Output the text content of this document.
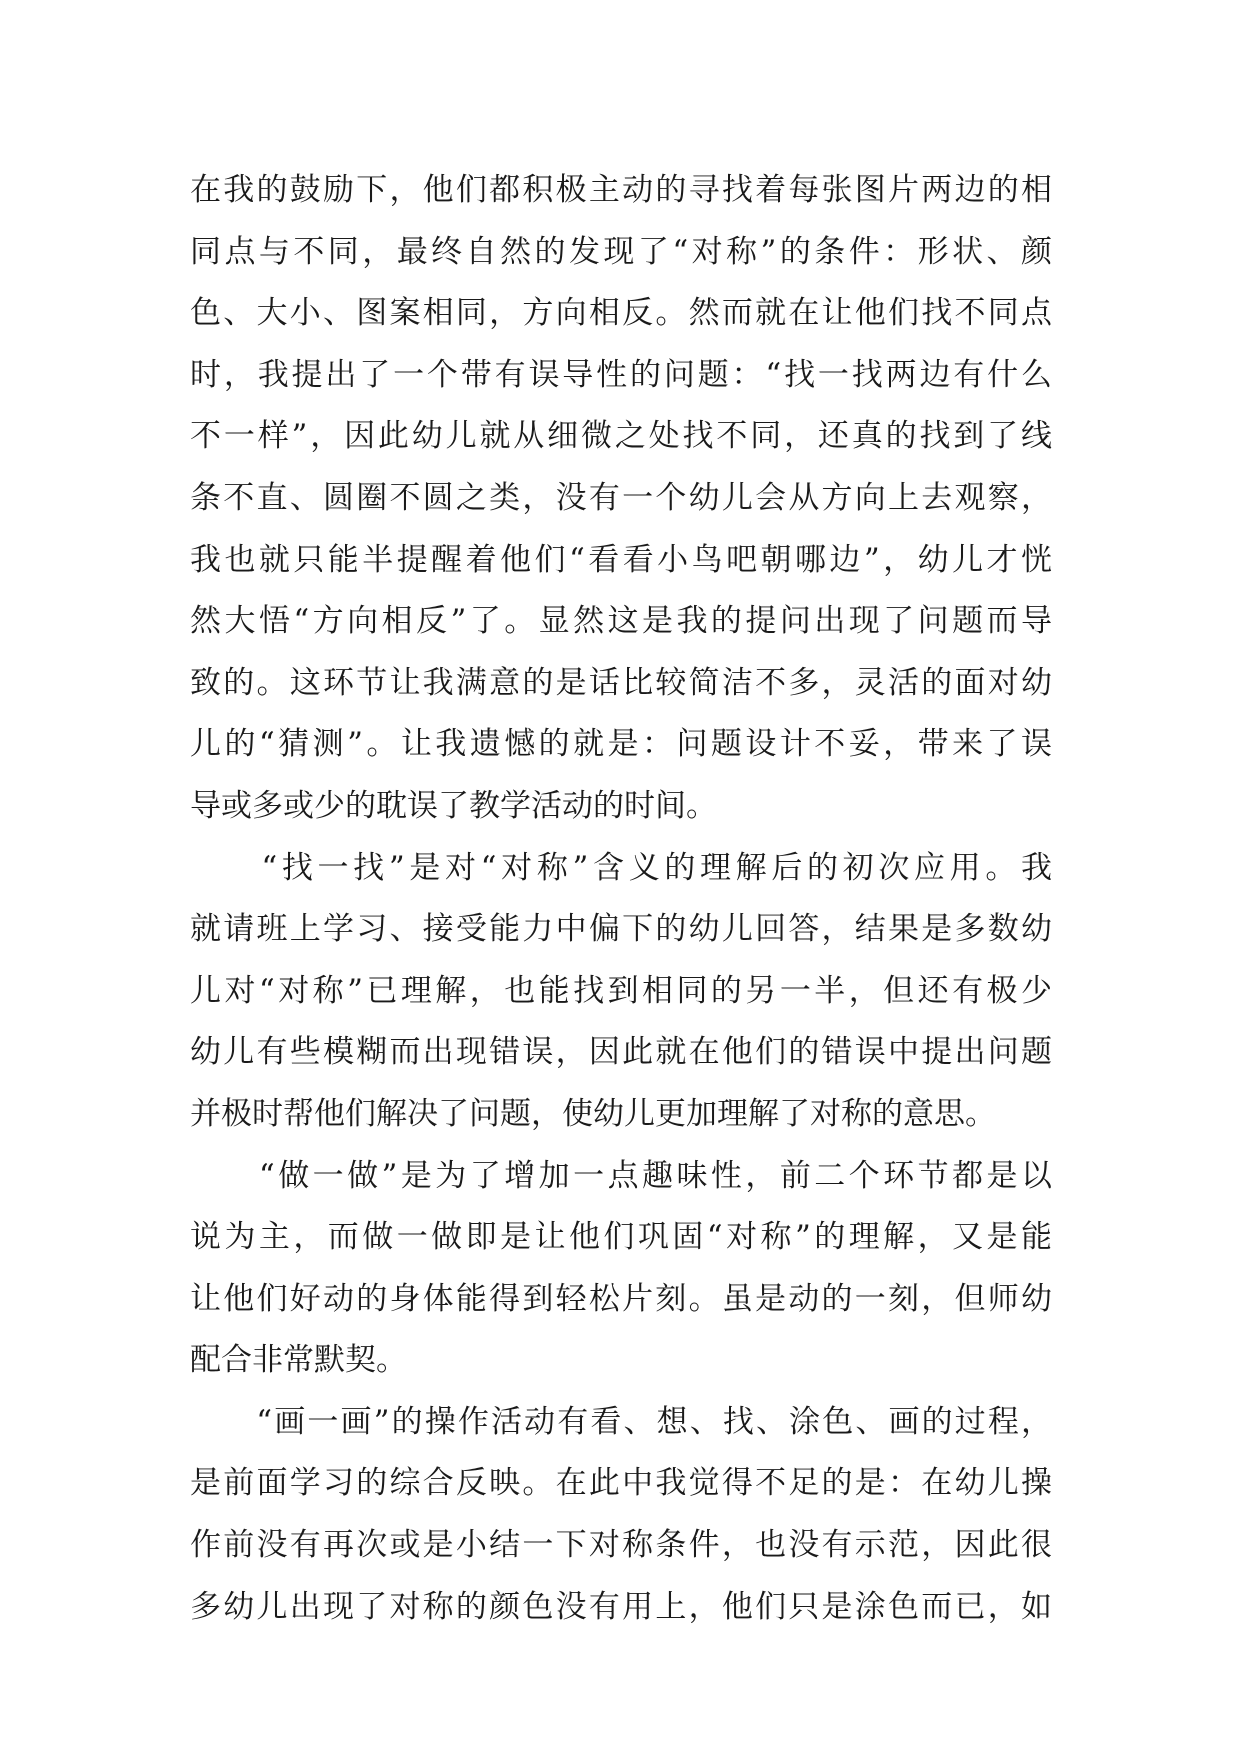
在我的鼓励下，他们都积极主动的寻找着每张图片两边的相
同点与不同，最终自然的发现了“对称”的条件：形状、颜
色、大小、图案相同，方向相反。然而就在让他们找不同点
时，我提出了一个带有误导性的问题：“找一找两边有什么
不一样”，因此幼儿就从细微之处找不同，还真的找到了线
条不直、圆圈不圆之类，没有一个幼儿会从方向上去观察，
我也就只能半提醒着他们“看看小鸟吧朝哪边”，幼儿才恍
然大悟“方向相反”了。显然这是我的提问出现了问题而导
致的。这环节让我满意的是话比较简洁不多，灵活的面对幼
儿的“猜测”。让我遗憾的就是：问题设计不妥，带来了误
导或多或少的耽误了教学活动的时间。
　　“找一找”是对“对称”含义的理解后的初次应用。我
就请班上学习、接受能力中偏下的幼儿回答，结果是多数幼
儿对“对称”已理解，也能找到相同的另一半，但还有极少
幼儿有些模糊而出现错误，因此就在他们的错误中提出问题
并极时帮他们解决了问题，使幼儿更加理解了对称的意思。
　　“做一做”是为了增加一点趣味性，前二个环节都是以
说为主，而做一做即是让他们巩固“对称”的理解，又是能
让他们好动的身体能得到轻松片刻。虽是动的一刻，但师幼
配合非常默契。
　　“画一画”的操作活动有看、想、找、涂色、画的过程，
是前面学习的综合反映。在此中我觉得不足的是：在幼儿操
作前没有再次或是小结一下对称条件，也没有示范，因此很
多幼儿出现了对称的颜色没有用上，他们只是涂色而已，如
